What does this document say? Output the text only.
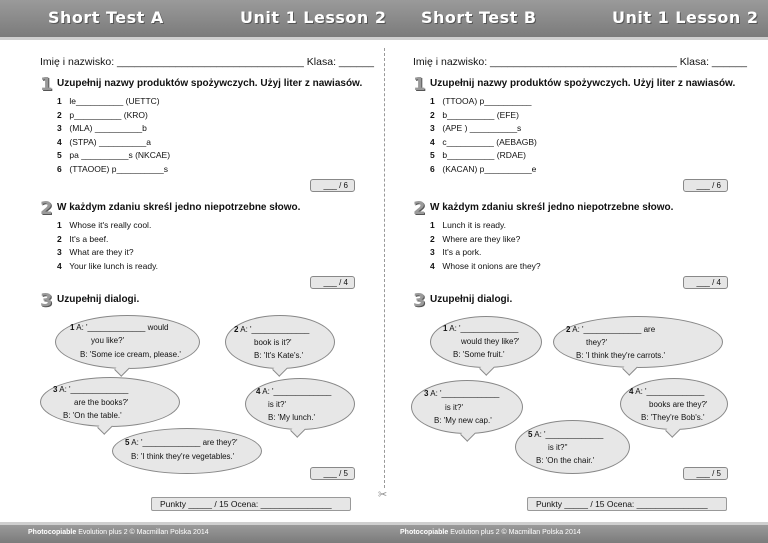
Short Test A	Unit 1 Lesson 2 Short Test B	Unit 1 Lesson 2
✂
Imię i nazwisko: ________________________________ Klasa: ______
1 Uzupełnij nazwy produktów spożywczych. Użyj liter z nawiasów.
1 le__________ (UETTC)
2 p__________ (KRO)
3 (MLA) __________b
4 (STPA) __________a
5 pa __________s (NKCAE)
6 (TTAOOE) p__________s
___ / 6
2 W każdym zdaniu skreśl jedno niepotrzebne słowo.
1 Whose it's really cool.
2 It's a beef.
3 What are they it?
4 Your like lunch is ready.
___ / 4
3 Uzupełnij dialogi.
1 A: '_____________ would
you like?'
B: 'Some ice cream, please.'
2 A: '_____________
book is it?'
B: 'It's Kate's.'
3 A: '_____________
are the books?'
B: 'On the table.'
4 A: '_____________
is it?'
B: 'My lunch.'
5 A: '_____________ are they?'
B: 'I think they're vegetables.'
___ / 5
Punkty _____ / 15 Ocena: _______________
Imię i nazwisko: ________________________________ Klasa: ______
1 Uzupełnij nazwy produktów spożywczych. Użyj liter z nawiasów.
1 (TTOOA) p__________
2 b__________ (EFE)
3 (APE ) __________s
4 c__________ (AEBAGB)
5 b__________ (RDAE)
6 (KACAN) p__________e
___ / 6
2 W każdym zdaniu skreśl jedno niepotrzebne słowo.
1 Lunch it is ready.
2 Where are they like?
3 It's a pork.
4 Whose it onions are they?
___ / 4
3 Uzupełnij dialogi.
1 A: '_____________
would they like?'
B: 'Some fruit.'
2 A: '_____________ are
they?'
B: 'I think they're carrots.'
3 A: '_____________
is it?'
B: 'My new cap.'
4 A: '_____________
books are they?'
B: 'They're Bob's.'
5 A: '_____________
is it?''
B: 'On the chair.'
___ / 5
Punkty _____ / 15 Ocena: _______________
Photocopiable Evolution plus 2 © Macmillan Polska 2014	Photocopiable Evolution plus 2 © Macmillan Polska 2014
